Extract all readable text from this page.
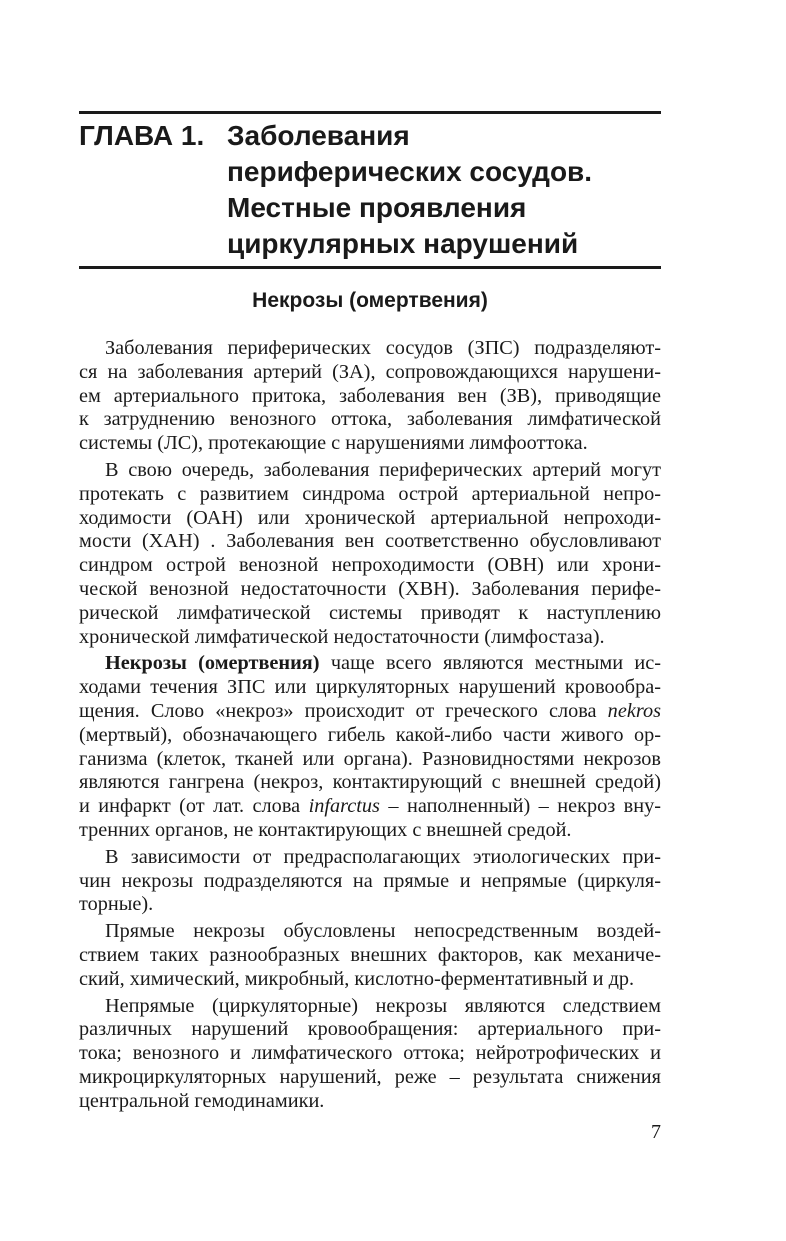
ГЛАВА 1. Заболевания
периферических сосудов.
Местные проявления
циркулярных нарушений
Некрозы (омертвения)
Заболевания периферических сосудов (ЗПС) подразделяют-
ся на заболевания артерий (ЗА), сопровождающихся нарушени-
ем артериального притока, заболевания вен (ЗВ), приводящие
к затруднению венозного оттока, заболевания лимфатической
системы (ЛС), протекающие с нарушениями лимфооттока.
В свою очередь, заболевания периферических артерий могут
протекать с развитием синдрома острой артериальной непро-
ходимости (ОАН) или хронической артериальной непроходи-
мости (ХАН) . Заболевания вен соответственно обусловливают
синдром острой венозной непроходимости (ОВН) или хрони-
ческой венозной недостаточности (ХВН). Заболевания перифе-
рической лимфатической системы приводят к наступлению
хронической лимфатической недостаточности (лимфостаза).
Некрозы (омертвения) чаще всего являются местными ис-
ходами течения ЗПС или циркуляторных нарушений кровообра-
щения. Слово «некроз» происходит от греческого слова nekros
(мертвый), обозначающего гибель какой-либо части живого ор-
ганизма (клеток, тканей или органа). Разновидностями некрозов
являются гангрена (некроз, контактирующий с внешней средой)
и инфаркт (от лат. слова infarctus – наполненный) – некроз вну-
тренних органов, не контактирующих с внешней средой.
В зависимости от предрасполагающих этиологических при-
чин некрозы подразделяются на прямые и непрямые (циркуля-
торные).
Прямые некрозы обусловлены непосредственным воздей-
ствием таких разнообразных внешних факторов, как механиче-
ский, химический, микробный, кислотно-ферментативный и др.
Непрямые (циркуляторные) некрозы являются следствием
различных нарушений кровообращения: артериального при-
тока; венозного и лимфатического оттока; нейротрофических и
микроциркуляторных нарушений, реже – результата снижения
центральной гемодинамики.
7
